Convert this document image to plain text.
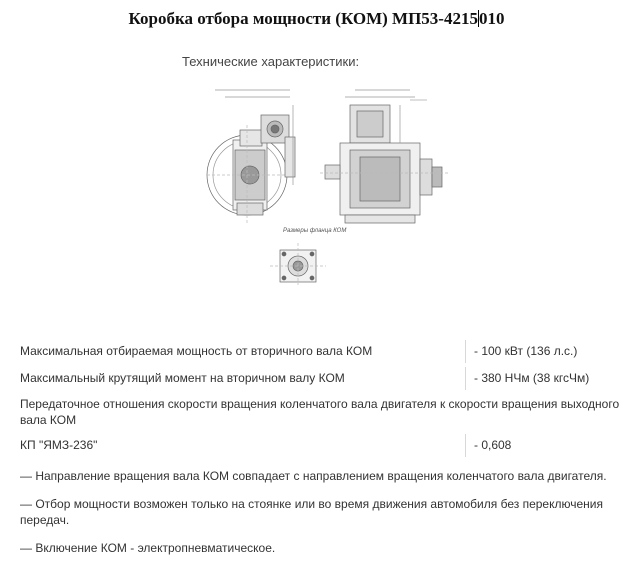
Коробка отбора мощности (КОМ) МП53-4215010

Технические характеристики:

Размеры фланца КОМ
Максимальная отбираемая мощность от вторичного вала КОМ	- 100 кВт (136 л.с.)
Максимальный крутящий момент на вторичном валу КОМ	- 380 НЧм (38 кгсЧм)

Передаточное отношения скорости вращения коленчатого вала двигателя к скорости вращения выходного вала КОМ

КП "ЯМЗ-236"	- 0,608

— Направление вращения вала КОМ совпадает с направлением вращения коленчатого вала двигателя.

— Отбор мощности возможен только на стоянке или во время движения автомобиля без переключения передач.

— Включение КОМ - электропневматическое.
